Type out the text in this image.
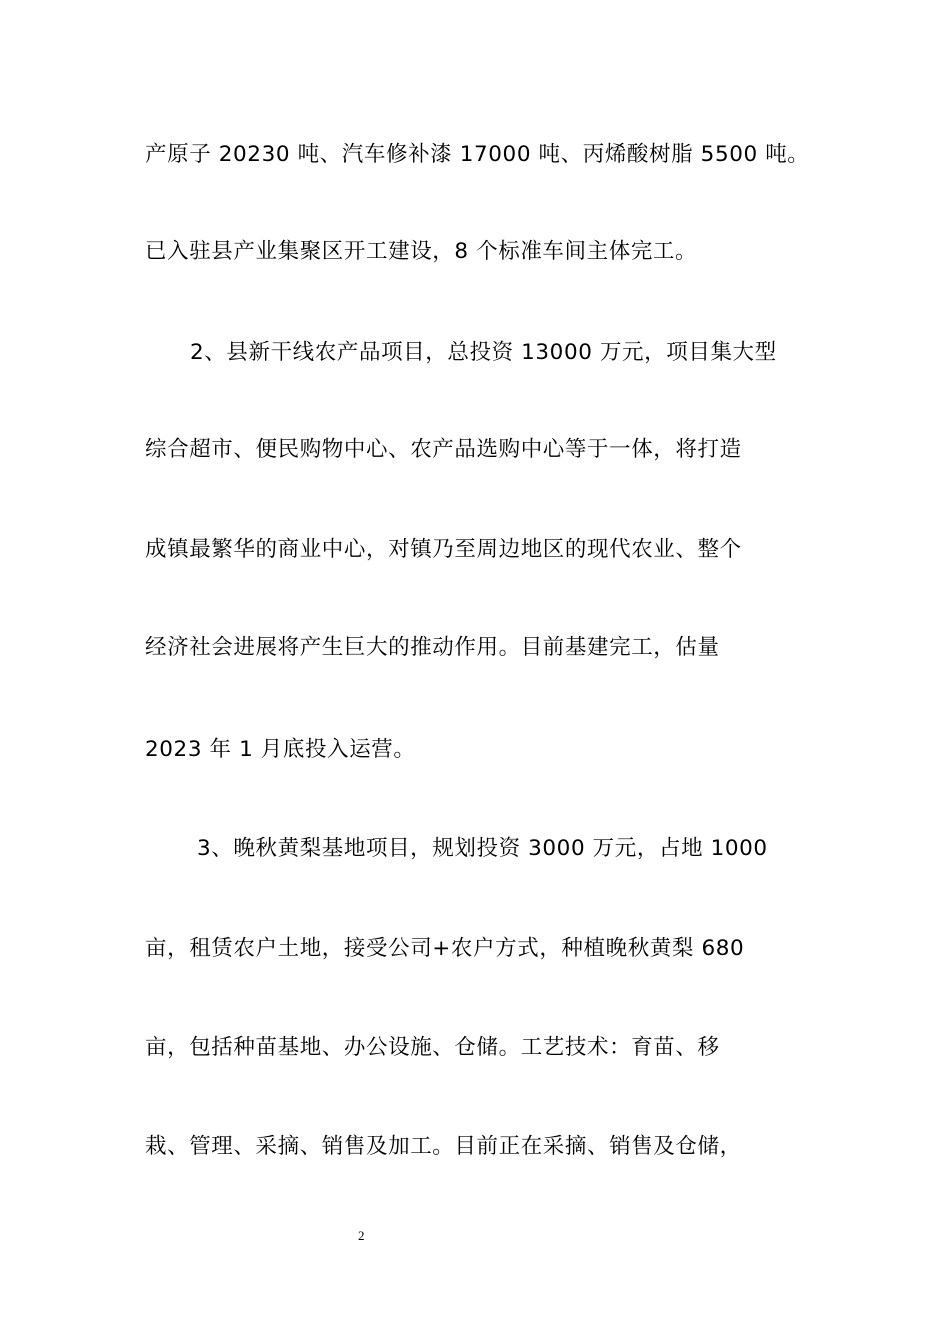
产原子 20230 吨、汽车修补漆 17000 吨、丙烯酸树脂 5500 吨。
已入驻县产业集聚区开工建设，8 个标准车间主体完工。
2、县新干线农产品项目，总投资 13000 万元，项目集大型
综合超市、便民购物中心、农产品选购中心等于一体，将打造
成镇最繁华的商业中心，对镇乃至周边地区的现代农业、整个
经济社会进展将产生巨大的推动作用。目前基建完工，估量
2023 年 1 月底投入运营。
3、晚秋黄梨基地项目，规划投资 3000 万元，占地 1000
亩，租赁农户土地，接受公司+农户方式，种植晚秋黄梨 680
亩，包括种苗基地、办公设施、仓储。工艺技术：育苗、移
栽、管理、采摘、销售及加工。目前正在采摘、销售及仓储，
2
